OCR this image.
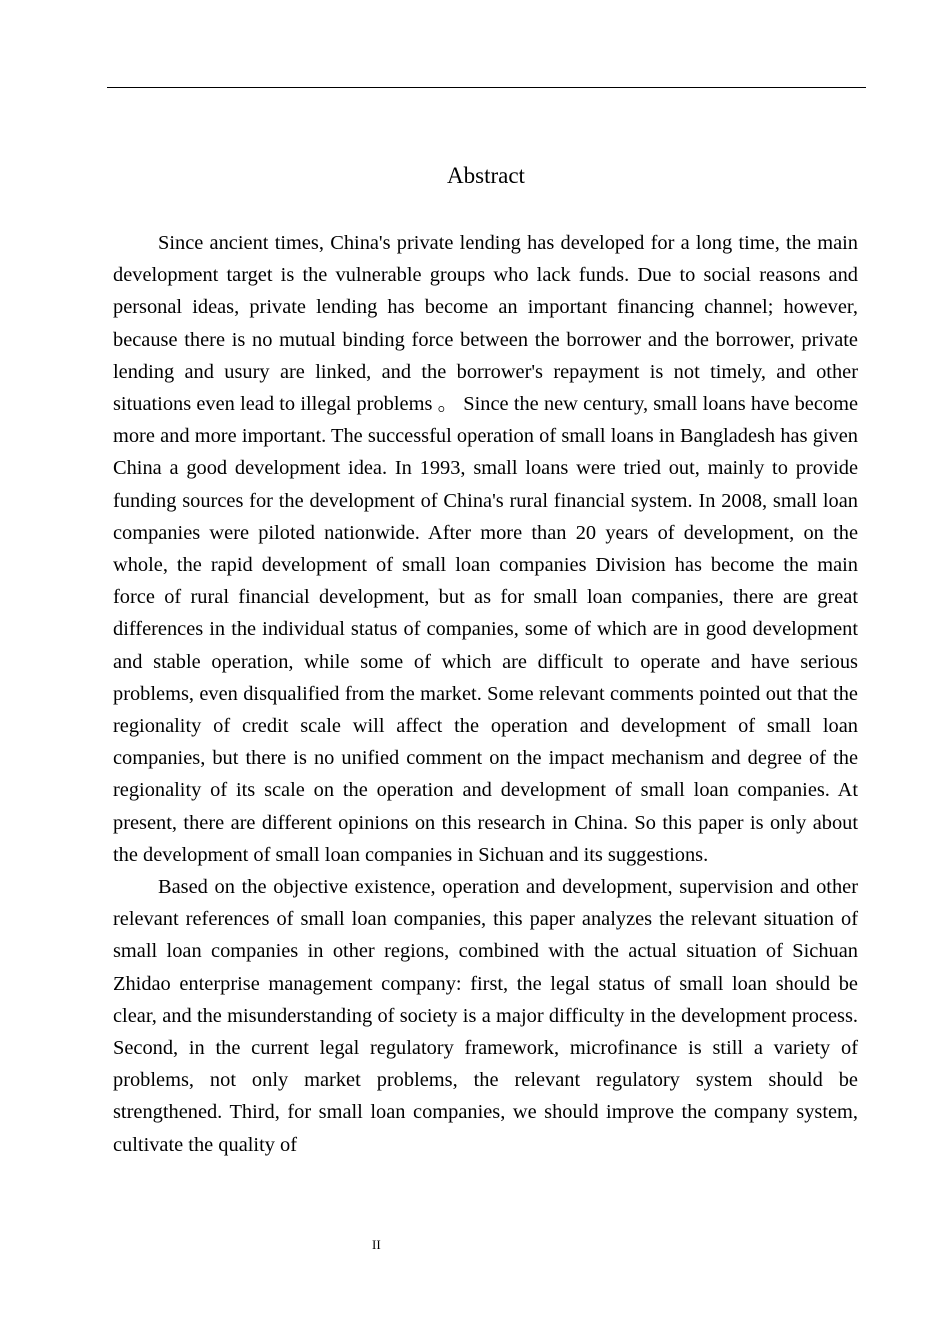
Abstract

Since ancient times, China's private lending has developed for a long time, the main development target is the vulnerable groups who lack funds. Due to social reasons and personal ideas, private lending has become an important financing channel; however, because there is no mutual binding force between the borrower and the borrower, private lending and usury are linked, and the borrower's repayment is not timely, and other situations even lead to illegal problems 。 Since the new century, small loans have become more and more important. The successful operation of small loans in Bangladesh has given China a good development idea. In 1993, small loans were tried out, mainly to provide funding sources for the development of China's rural financial system. In 2008, small loan companies were piloted nationwide. After more than 20 years of development, on the whole, the rapid development of small loan companies Division has become the main force of rural financial development, but as for small loan companies, there are great differences in the individual status of companies, some of which are in good development and stable operation, while some of which are difficult to operate and have serious problems, even disqualified from the market. Some relevant comments pointed out that the regionality of credit scale will affect the operation and development of small loan companies, but there is no unified comment on the impact mechanism and degree of the regionality of its scale on the operation and development of small loan companies. At present, there are different opinions on this research in China. So this paper is only about the development of small loan companies in Sichuan and its suggestions.

Based on the objective existence, operation and development, supervision and other relevant references of small loan companies, this paper analyzes the relevant situation of small loan companies in other regions, combined with the actual situation of Sichuan Zhidao enterprise management company: first, the legal status of small loan should be clear, and the misunderstanding of society is a major difficulty in the development process. Second, in the current legal regulatory framework, microfinance is still a variety of problems, not only market problems, the relevant regulatory system should be strengthened. Third, for small loan companies, we should improve the company system, cultivate the quality of

II
